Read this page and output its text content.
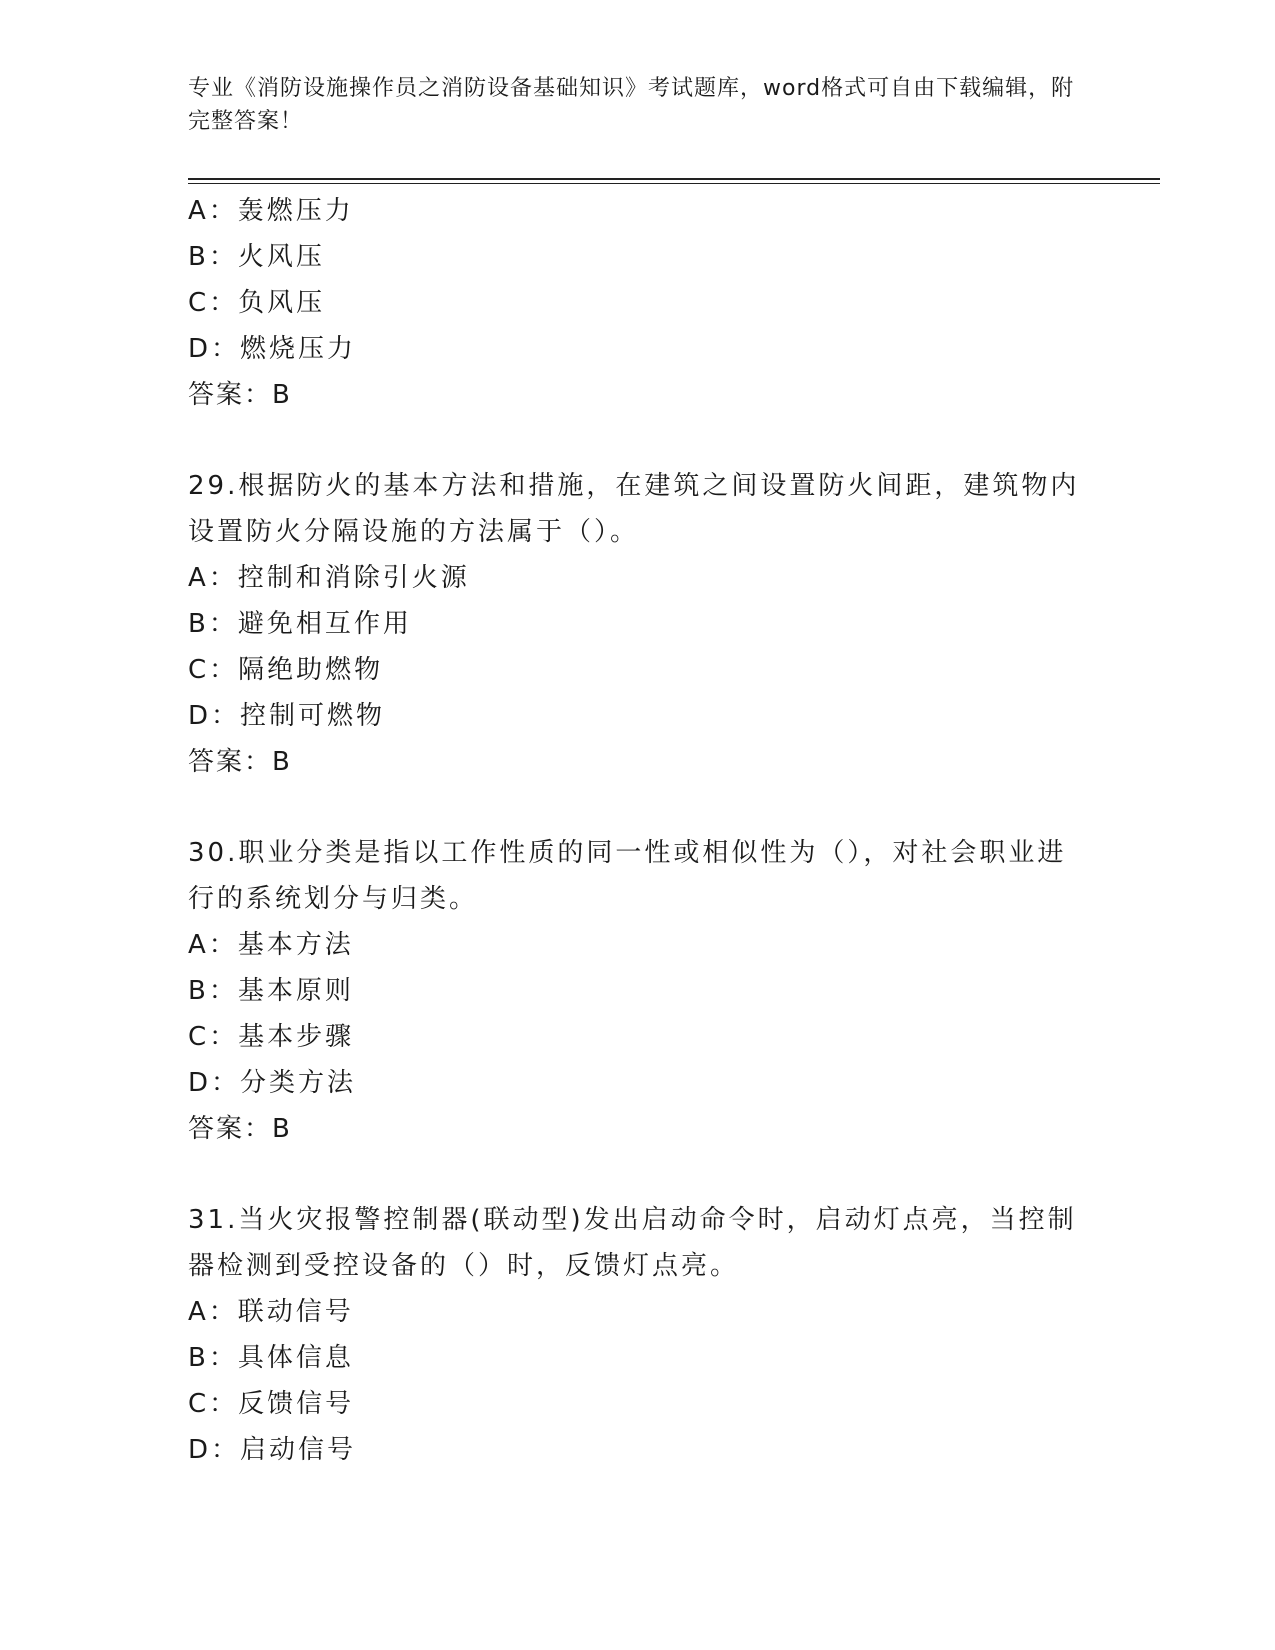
专业《消防设施操作员之消防设备基础知识》考试题库，word格式可自由下载编辑，附完整答案！
A：轰燃压力
B：火风压
C：负风压
D：燃烧压力
答案：B
29.根据防火的基本方法和措施，在建筑之间设置防火间距，建筑物内设置防火分隔设施的方法属于（）。
A：控制和消除引火源
B：避免相互作用
C：隔绝助燃物
D：控制可燃物
答案：B
30.职业分类是指以工作性质的同一性或相似性为（），对社会职业进行的系统划分与归类。
A：基本方法
B：基本原则
C：基本步骤
D：分类方法
答案：B
31.当火灾报警控制器(联动型)发出启动命令时，启动灯点亮，当控制器检测到受控设备的（）时，反馈灯点亮。
A：联动信号
B：具体信息
C：反馈信号
D：启动信号
